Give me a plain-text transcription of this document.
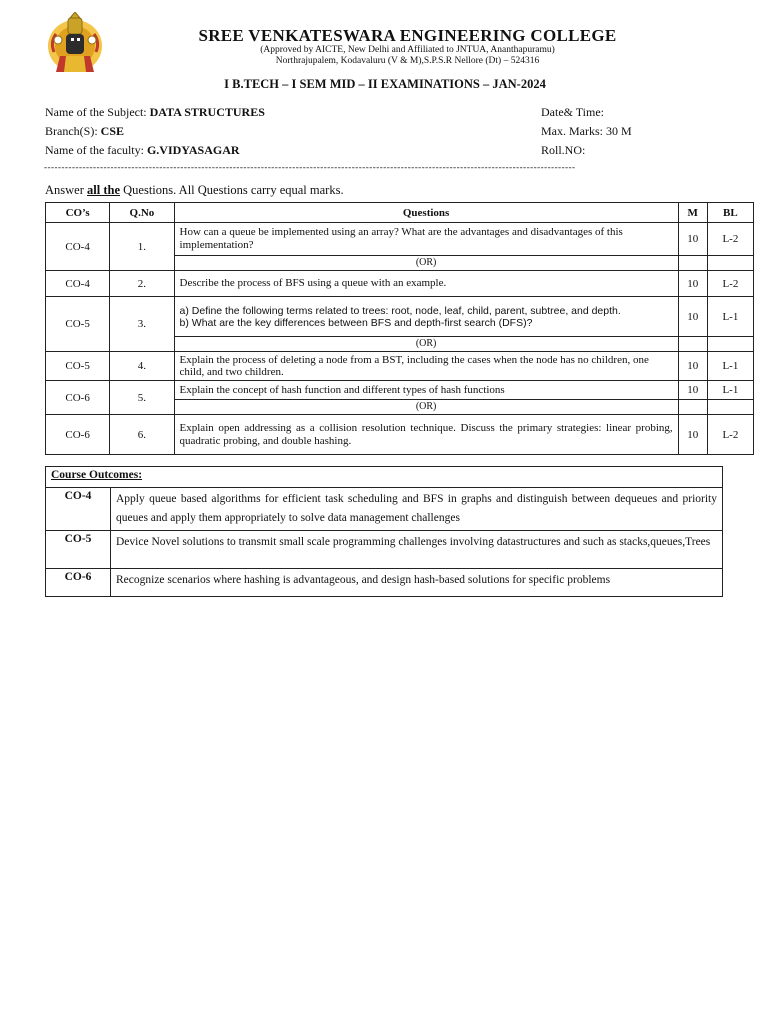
SREE VENKATESWARA ENGINEERING COLLEGE
(Approved by AICTE, New Delhi and Affiliated to JNTUA, Ananthapuramu)
Northrajupalem, Kodavaluru (V & M),S.P.S.R Nellore (Dt) – 524316
I B.TECH – I SEM MID – II EXAMINATIONS – JAN-2024
Name of the Subject: DATA STRUCTURES
Branch(S): CSE
Name of the faculty: G.VIDYASAGAR
Date& Time:
Max. Marks: 30 M
Roll.NO:
--------------------------------------------------------------------------------------------------------------------------------------------------------
Answer all the Questions. All Questions carry equal marks.
CO’s	Q.No	Questions	M	BL
CO-4	1.	How can a queue be implemented using an array? What are the advantages and disadvantages of this implementation?	10	L-2
		(OR)		
CO-4	2.	Describe the process of BFS using a queue with an example.	10	L-2
CO-5	3.	a) Define the following terms related to trees: root, node, leaf, child, parent, subtree, and depth.
b) What are the key differences between BFS and depth-first search (DFS)?	10	L-1
		(OR)		
CO-5	4.	Explain the process of deleting a node from a BST, including the cases when the node has no children, one child, and two children.	10	L-1
CO-6	5.	Explain the concept of hash function and different types of hash functions	10	L-1
		(OR)		
CO-6	6.	Explain open addressing as a collision resolution technique. Discuss the primary strategies: linear probing, quadratic probing, and double hashing.	10	L-2
Course Outcomes:	
CO-4	Apply queue based algorithms for efficient task scheduling and BFS in graphs and distinguish between dequeues and priority queues and apply them appropriately to solve data management challenges
CO-5	Device Novel solutions to transmit small scale programming challenges involving datastructures and such as stacks,queues,Trees
CO-6	Recognize scenarios where hashing is advantageous, and design hash-based solutions for specific problems
